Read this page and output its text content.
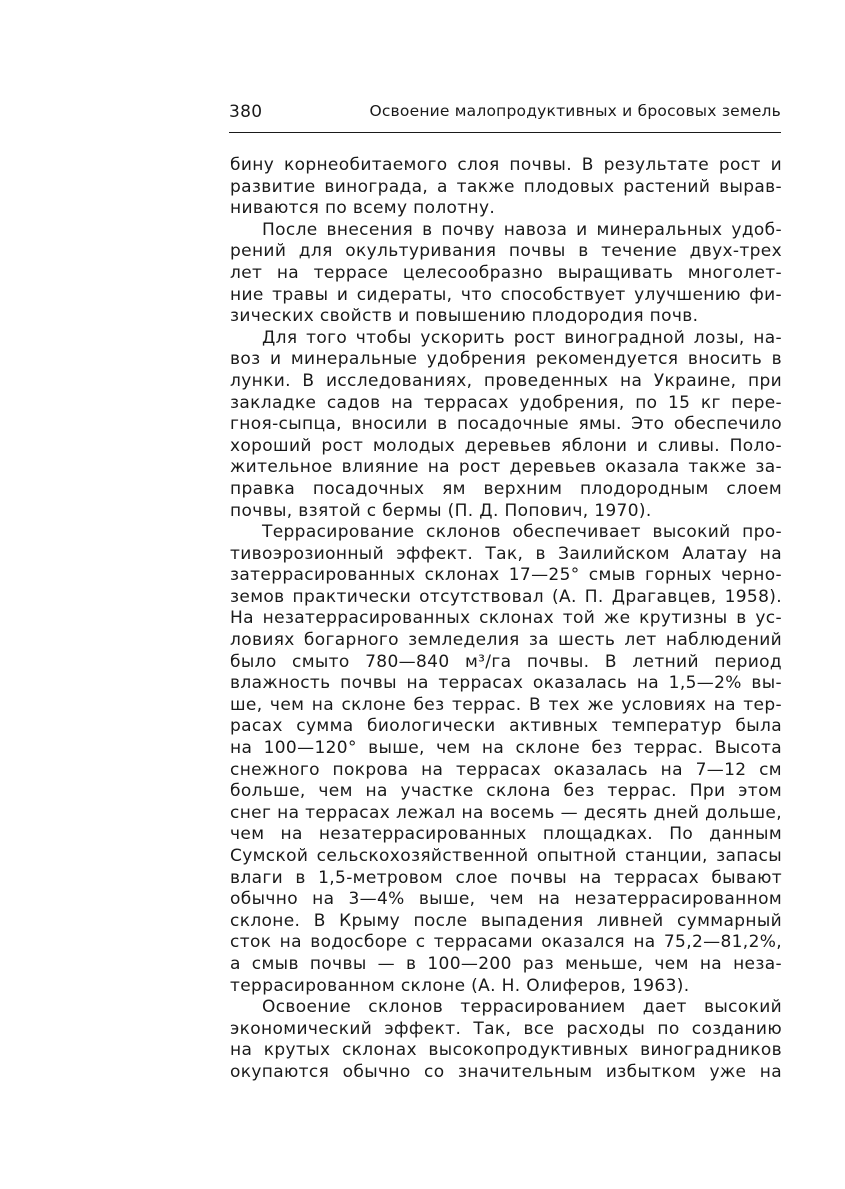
380	Освоение малопродуктивных и бросовых земель
бину корнеобитаемого слоя почвы. В результате рост и
развитие винограда, а также плодовых растений вырав-
ниваются по всему полотну.
После внесения в почву навоза и минеральных удоб-
рений для окультуривания почвы в течение двух-трех
лет на террасе целесообразно выращивать многолет-
ние травы и сидераты, что способствует улучшению фи-
зических свойств и повышению плодородия почв.
Для того чтобы ускорить рост виноградной лозы, на-
воз и минеральные удобрения рекомендуется вносить в
лунки. В исследованиях, проведенных на Украине, при
закладке садов на террасах удобрения, по 15 кг пере-
гноя-сыпца, вносили в посадочные ямы. Это обеспечило
хороший рост молодых деревьев яблони и сливы. Поло-
жительное влияние на рост деревьев оказала также за-
правка посадочных ям верхним плодородным слоем
почвы, взятой с бермы (П. Д. Попович, 1970).
Террасирование склонов обеспечивает высокий про-
тивоэрозионный эффект. Так, в Заилийском Алатау на
затеррасированных склонах 17—25° смыв горных черно-
земов практически отсутствовал (А. П. Драгавцев, 1958).
На незатеррасированных склонах той же крутизны в ус-
ловиях богарного земледелия за шесть лет наблюдений
было смыто 780—840 м³/га почвы. В летний период
влажность почвы на террасах оказалась на 1,5—2% вы-
ше, чем на склоне без террас. В тех же условиях на тер-
расах сумма биологически активных температур была
на 100—120° выше, чем на склоне без террас. Высота
снежного покрова на террасах оказалась на 7—12 см
больше, чем на участке склона без террас. При этом
снег на террасах лежал на восемь — десять дней дольше,
чем на незатеррасированных площадках. По данным
Сумской сельскохозяйственной опытной станции, запасы
влаги в 1,5-метровом слое почвы на террасах бывают
обычно на 3—4% выше, чем на незатеррасированном
склоне. В Крыму после выпадения ливней суммарный
сток на водосборе с террасами оказался на 75,2—81,2%,
а смыв почвы — в 100—200 раз меньше, чем на неза-
террасированном склоне (А. Н. Олиферов, 1963).
Освоение склонов террасированием дает высокий
экономический эффект. Так, все расходы по созданию
на крутых склонах высокопродуктивных виноградников
окупаются обычно со значительным избытком уже на
